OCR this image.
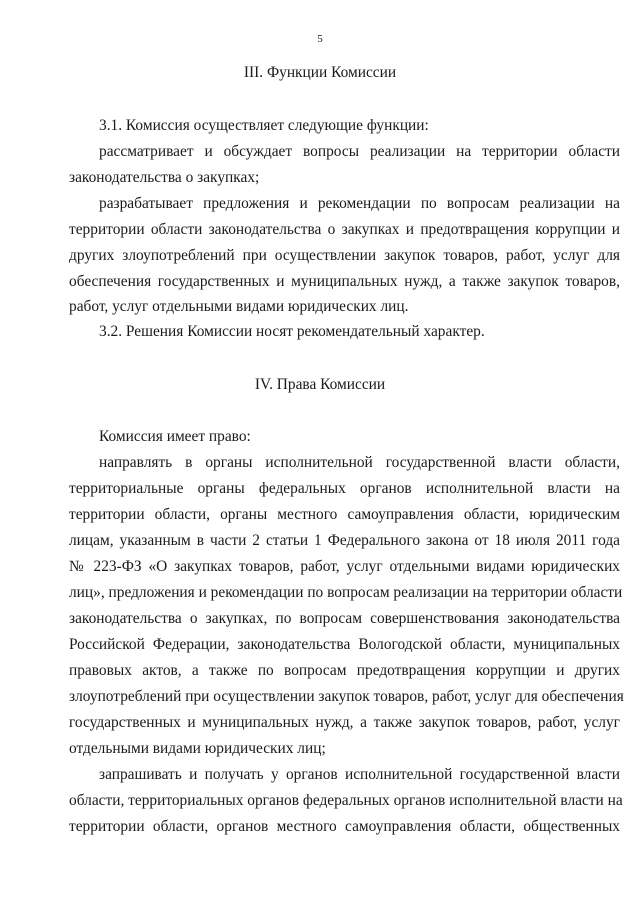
5
III. Функции Комиссии
3.1. Комиссия осуществляет следующие функции:
рассматривает и обсуждает вопросы реализации на территории области
законодательства о закупках;
разрабатывает предложения и рекомендации по вопросам реализации на
территории области законодательства о закупках и предотвращения коррупции и
других злоупотреблений при осуществлении закупок товаров, работ, услуг для
обеспечения государственных и муниципальных нужд, а также закупок товаров,
работ, услуг отдельными видами юридических лиц.
3.2. Решения Комиссии носят рекомендательный характер.
IV. Права Комиссии
Комиссия имеет право:
направлять в органы исполнительной государственной власти области,
территориальные органы федеральных органов исполнительной власти на
территории области, органы местного самоуправления области, юридическим
лицам, указанным в части 2 статьи 1 Федерального закона от 18 июля 2011 года
№ 223-ФЗ «О закупках товаров, работ, услуг отдельными видами юридических
лиц», предложения и рекомендации по вопросам реализации на территории области
законодательства о закупках, по вопросам совершенствования законодательства
Российской Федерации, законодательства Вологодской области, муниципальных
правовых актов, а также по вопросам предотвращения коррупции и других
злоупотреблений при осуществлении закупок товаров, работ, услуг для обеспечения
государственных и муниципальных нужд, а также закупок товаров, работ, услуг
отдельными видами юридических лиц;
запрашивать и получать у органов исполнительной государственной власти
области, территориальных органов федеральных органов исполнительной власти на
территории области, органов местного самоуправления области, общественных
